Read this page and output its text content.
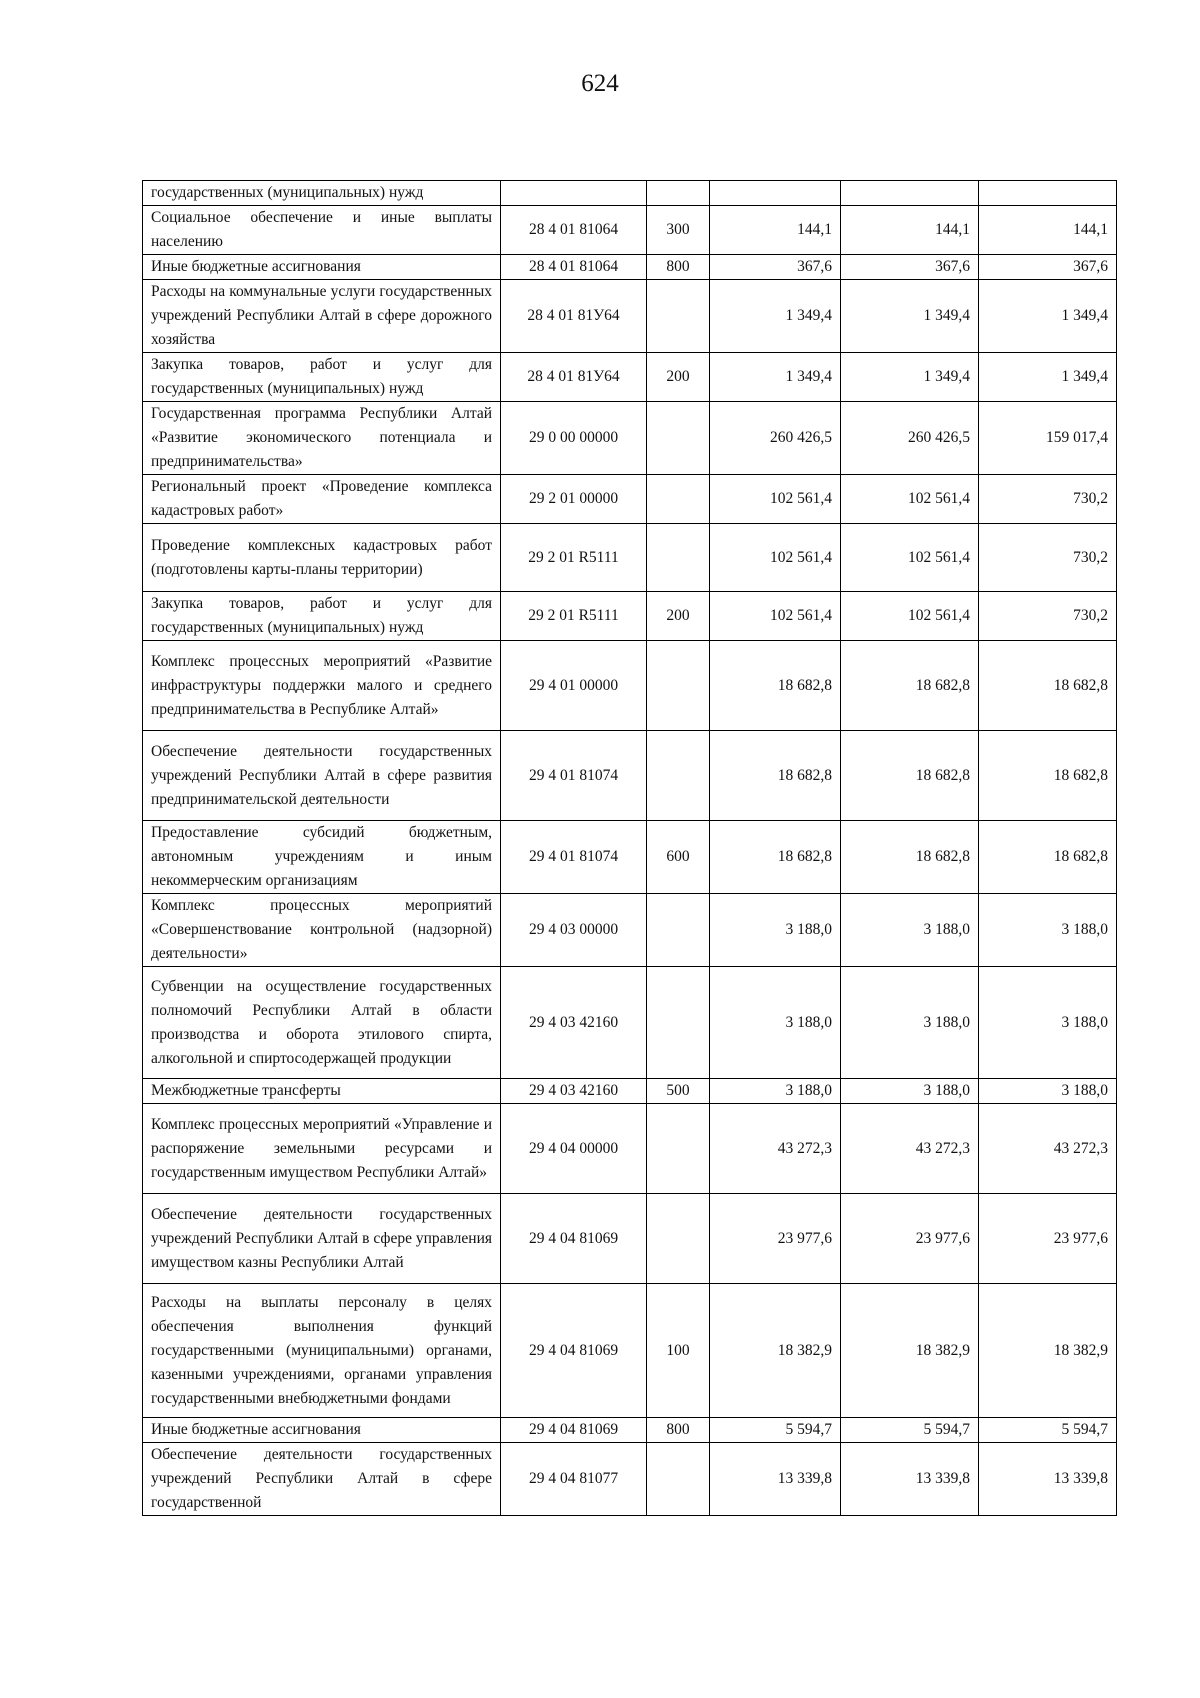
624
государственных (муниципальных) нужд					
Социальное обеспечение и иные выплаты населению	28 4 01 81064	300	144,1	144,1	144,1
Иные бюджетные ассигнования	28 4 01 81064	800	367,6	367,6	367,6
Расходы на коммунальные услуги государственных учреждений Республики Алтай в сфере дорожного хозяйства	28 4 01 81У64		1 349,4	1 349,4	1 349,4
Закупка товаров, работ и услуг для государственных (муниципальных) нужд	28 4 01 81У64	200	1 349,4	1 349,4	1 349,4
Государственная программа Республики Алтай «Развитие экономического потенциала и предпринимательства»	29 0 00 00000		260 426,5	260 426,5	159 017,4
Региональный проект «Проведение комплекса кадастровых работ»	29 2 01 00000		102 561,4	102 561,4	730,2
Проведение комплексных кадастровых работ (подготовлены карты-планы территории)	29 2 01 R5111		102 561,4	102 561,4	730,2
Закупка товаров, работ и услуг для государственных (муниципальных) нужд	29 2 01 R5111	200	102 561,4	102 561,4	730,2
Комплекс процессных мероприятий «Развитие инфраструктуры поддержки малого и среднего предпринимательства в Республике Алтай»	29 4 01 00000		18 682,8	18 682,8	18 682,8
Обеспечение деятельности государственных учреждений Республики Алтай в сфере развития предпринимательской деятельности	29 4 01 81074		18 682,8	18 682,8	18 682,8
Предоставление субсидий бюджетным, автономным учреждениям и иным некоммерческим организациям	29 4 01 81074	600	18 682,8	18 682,8	18 682,8
Комплекс процессных мероприятий «Совершенствование контрольной (надзорной) деятельности»	29 4 03 00000		3 188,0	3 188,0	3 188,0
Субвенции на осуществление государственных полномочий Республики Алтай в области производства и оборота этилового спирта, алкогольной и спиртосодержащей продукции	29 4 03 42160		3 188,0	3 188,0	3 188,0
Межбюджетные трансферты	29 4 03 42160	500	3 188,0	3 188,0	3 188,0
Комплекс процессных мероприятий «Управление и распоряжение земельными ресурсами и государственным имуществом Республики Алтай»	29 4 04 00000		43 272,3	43 272,3	43 272,3
Обеспечение деятельности государственных учреждений Республики Алтай в сфере управления имуществом казны Республики Алтай	29 4 04 81069		23 977,6	23 977,6	23 977,6
Расходы на выплаты персоналу в целях обеспечения выполнения функций государственными (муниципальными) органами, казенными учреждениями, органами управления государственными внебюджетными фондами	29 4 04 81069	100	18 382,9	18 382,9	18 382,9
Иные бюджетные ассигнования	29 4 04 81069	800	5 594,7	5 594,7	5 594,7
Обеспечение деятельности государственных учреждений Республики Алтай в сфере государственной	29 4 04 81077		13 339,8	13 339,8	13 339,8
